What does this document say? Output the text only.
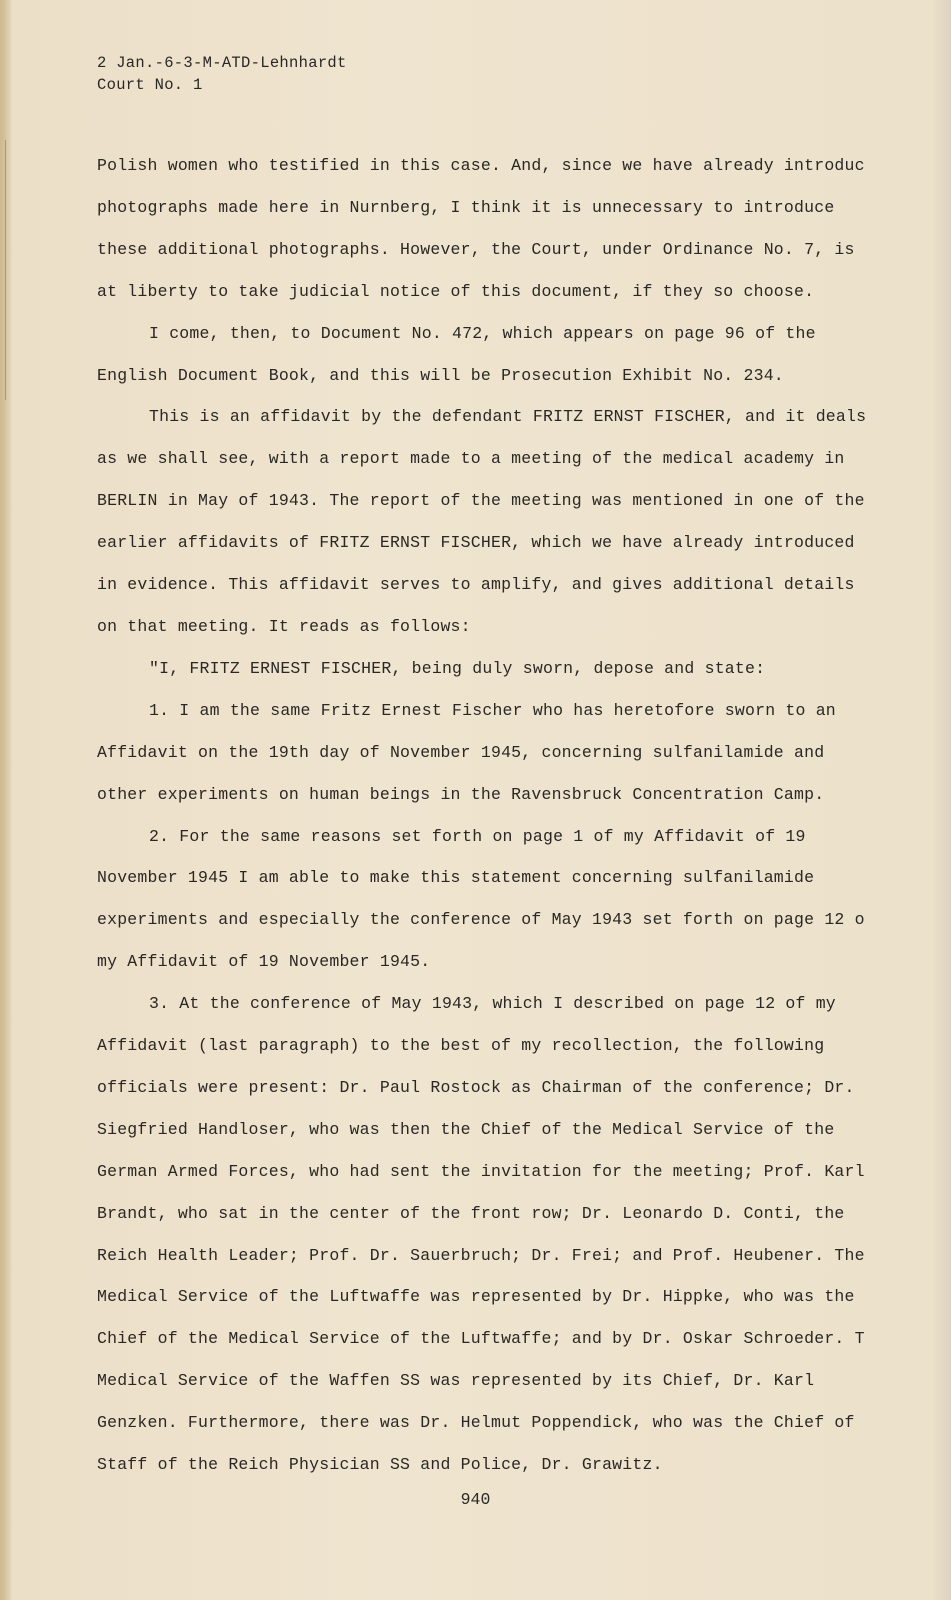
2 Jan.-6-3-M-ATD-Lehnhardt
Court No. 1

Polish women who testified in this case. And, since we have already introduc

photographs made here in Nurnberg, I think it is unnecessary to introduce

these additional photographs. However, the Court, under Ordinance No. 7, is

at liberty to take judicial notice of this document, if they so choose.

I come, then, to Document No. 472, which appears on page 96 of the

English Document Book, and this will be Prosecution Exhibit No. 234.

This is an affidavit by the defendant FRITZ ERNST FISCHER, and it deals

as we shall see, with a report made to a meeting of the medical academy in

BERLIN in May of 1943. The report of the meeting was mentioned in one of the

earlier affidavits of FRITZ ERNST FISCHER, which we have already introduced

in evidence. This affidavit serves to amplify, and gives additional details

on that meeting. It reads as follows:

"I, FRITZ ERNEST FISCHER, being duly sworn, depose and state:

1. I am the same Fritz Ernest Fischer who has heretofore sworn to an

Affidavit on the 19th day of November 1945, concerning sulfanilamide and

other experiments on human beings in the Ravensbruck Concentration Camp.

2. For the same reasons set forth on page 1 of my Affidavit of 19

November 1945 I am able to make this statement concerning sulfanilamide

experiments and especially the conference of May 1943 set forth on page 12 o

my Affidavit of 19 November 1945.

3. At the conference of May 1943, which I described on page 12 of my

Affidavit (last paragraph) to the best of my recollection, the following

officials were present: Dr. Paul Rostock as Chairman of the conference; Dr.

Siegfried Handloser, who was then the Chief of the Medical Service of the

German Armed Forces, who had sent the invitation for the meeting; Prof. Karl

Brandt, who sat in the center of the front row; Dr. Leonardo D. Conti, the

Reich Health Leader; Prof. Dr. Sauerbruch; Dr. Frei; and Prof. Heubener. The

Medical Service of the Luftwaffe was represented by Dr. Hippke, who was the

Chief of the Medical Service of the Luftwaffe; and by Dr. Oskar Schroeder. T

Medical Service of the Waffen SS was represented by its Chief, Dr. Karl

Genzken. Furthermore, there was Dr. Helmut Poppendick, who was the Chief of

Staff of the Reich Physician SS and Police, Dr. Grawitz.

940
